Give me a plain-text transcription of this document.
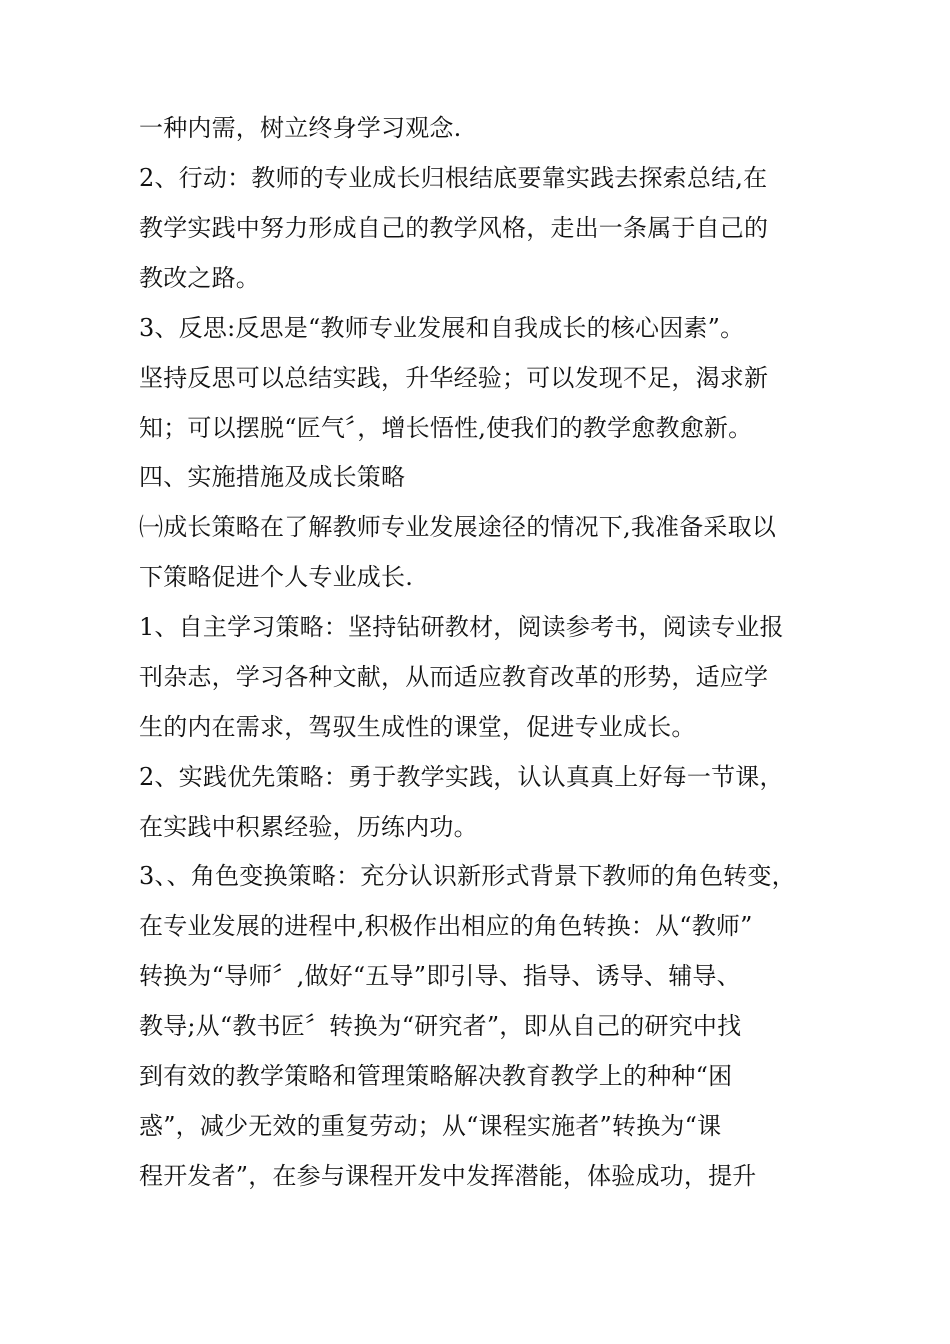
一种内需，树立终身学习观念.
2、行动：教师的专业成长归根结底要靠实践去探索总结,在
教学实践中努力形成自己的教学风格，走出一条属于自己的
教改之路。
3、反思:反思是“教师专业发展和自我成长的核心因素”。
坚持反思可以总结实践，升华经验；可以发现不足，渴求新
知；可以摆脱“匠气〞，增长悟性,使我们的教学愈教愈新。
四、实施措施及成长策略
㈠成长策略在了解教师专业发展途径的情况下,我准备采取以
下策略促进个人专业成长.
1、自主学习策略：坚持钻研教材，阅读参考书，阅读专业报
刊杂志，学习各种文献，从而适应教育改革的形势，适应学
生的内在需求，驾驭生成性的课堂，促进专业成长。
2、实践优先策略：勇于教学实践，认认真真上好每一节课，
在实践中积累经验，历练内功。
3、、角色变换策略：充分认识新形式背景下教师的角色转变，
在专业发展的进程中,积极作出相应的角色转换：从“教师”
转换为“导师〞,做好“五导”即引导、指导、诱导、辅导、
教导;从“教书匠〞转换为“研究者”，即从自己的研究中找
到有效的教学策略和管理策略解决教育教学上的种种“困
惑”，减少无效的重复劳动；从“课程实施者”转换为“课
程开发者”，在参与课程开发中发挥潜能，体验成功，提升
